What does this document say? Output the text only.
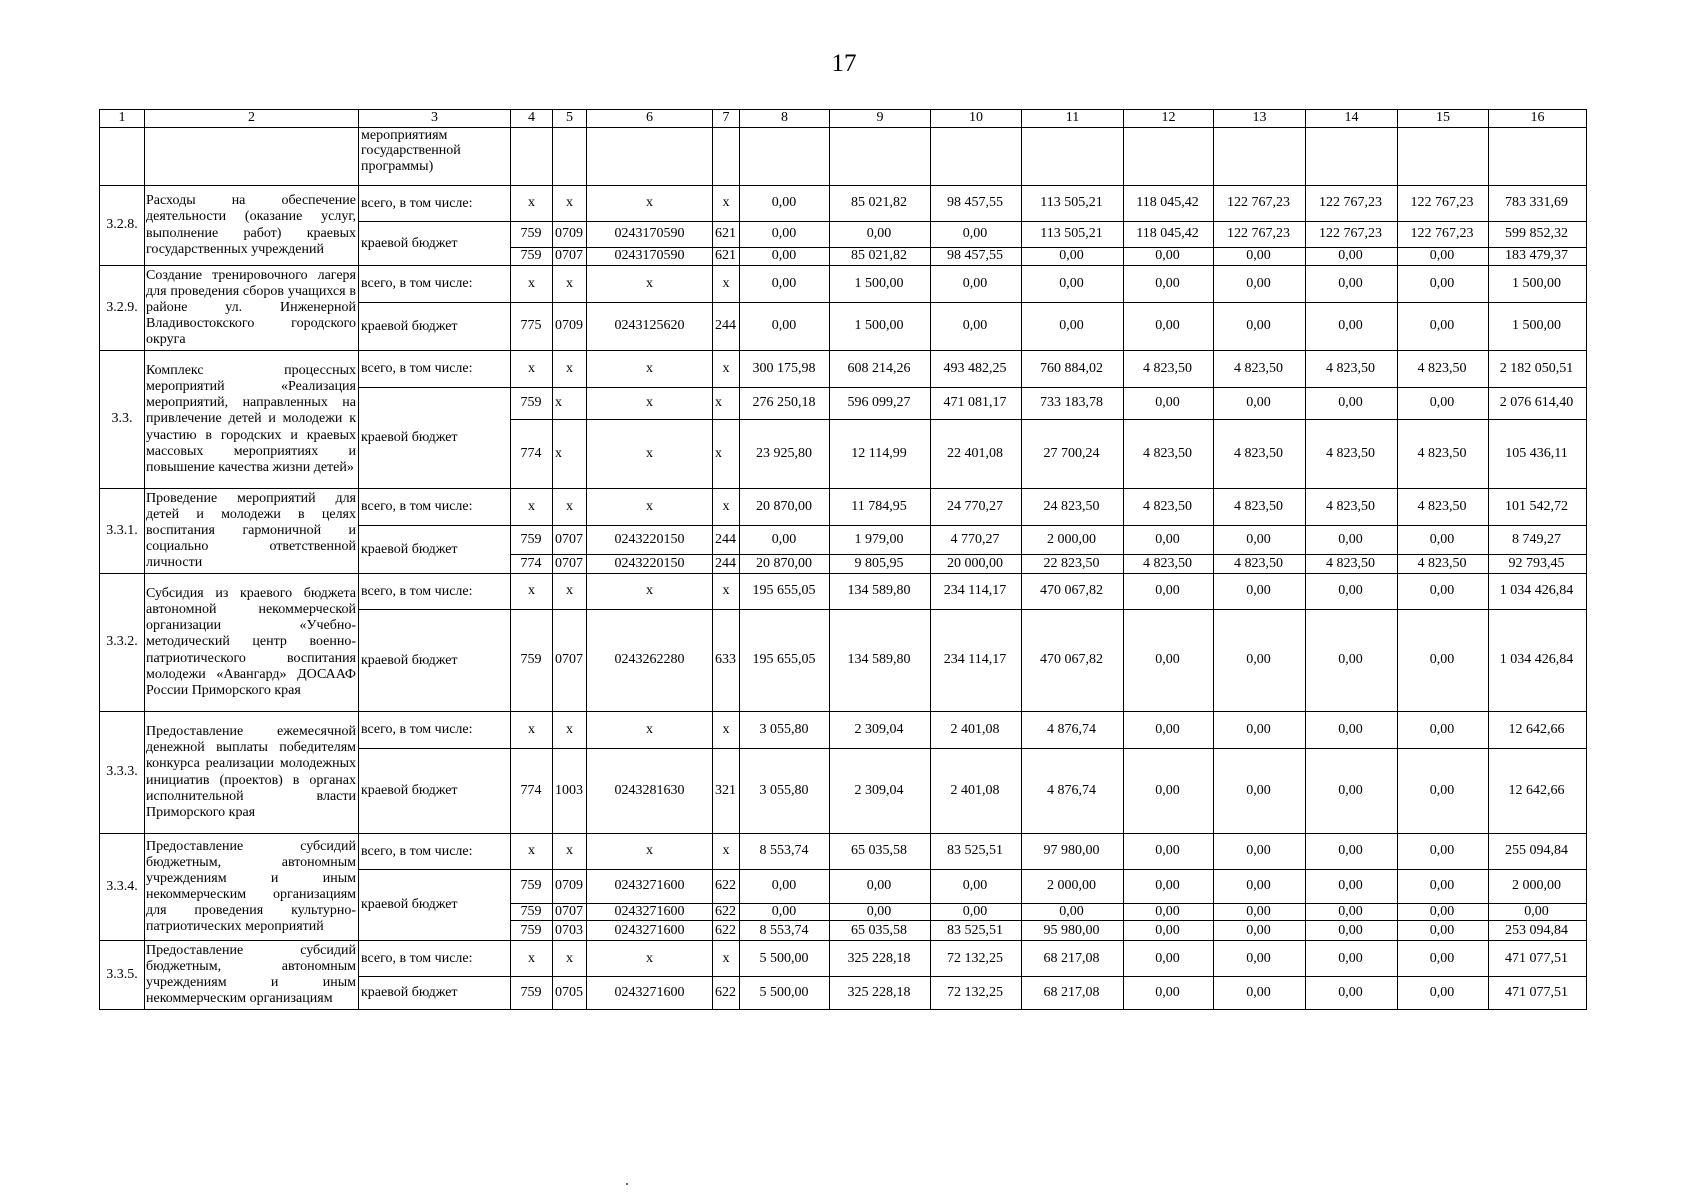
17
1	2	3	4	5	6	7	8	9	10	11	12	13	14	15	16
		мероприятиям государственной программы)													
3.2.8.	Расходы на обеспечение деятельности (оказание услуг, выполнение работ) краевых государственных учреждений	всего, в том числе:	x	x	x	x	0,00	85 021,82	98 457,55	113 505,21	118 045,42	122 767,23	122 767,23	122 767,23	783 331,69
		краевой бюджет	759	0709	0243170590	621	0,00	0,00	0,00	113 505,21	118 045,42	122 767,23	122 767,23	122 767,23	599 852,32
			759	0707	0243170590	621	0,00	85 021,82	98 457,55	0,00	0,00	0,00	0,00	0,00	183 479,37
3.2.9.	Создание тренировочного лагеря для проведения сборов учащихся в районе ул. Инженерной Владивостокского городского округа	всего, в том числе:	x	x	x	x	0,00	1 500,00	0,00	0,00	0,00	0,00	0,00	0,00	1 500,00
		краевой бюджет	775	0709	0243125620	244	0,00	1 500,00	0,00	0,00	0,00	0,00	0,00	0,00	1 500,00
3.3.	Комплекс процессных мероприятий «Реализация мероприятий, направленных на привлечение детей и молодежи к участию в городских и краевых массовых мероприятиях и повышение качества жизни детей»	всего, в том числе:	x	x	x	x	300 175,98	608 214,26	493 482,25	760 884,02	4 823,50	4 823,50	4 823,50	4 823,50	2 182 050,51
		краевой бюджет	759	x	x	x	276 250,18	596 099,27	471 081,17	733 183,78	0,00	0,00	0,00	0,00	2 076 614,40
			774	x	x	x	23 925,80	12 114,99	22 401,08	27 700,24	4 823,50	4 823,50	4 823,50	4 823,50	105 436,11
3.3.1.	Проведение мероприятий для детей и молодежи в целях воспитания гармоничной и социально ответственной личности	всего, в том числе:	x	x	x	x	20 870,00	11 784,95	24 770,27	24 823,50	4 823,50	4 823,50	4 823,50	4 823,50	101 542,72
		краевой бюджет	759	0707	0243220150	244	0,00	1 979,00	4 770,27	2 000,00	0,00	0,00	0,00	0,00	8 749,27
			774	0707	0243220150	244	20 870,00	9 805,95	20 000,00	22 823,50	4 823,50	4 823,50	4 823,50	4 823,50	92 793,45
3.3.2.	Субсидия из краевого бюджета автономной некоммерческой организации «Учебно-методический центр военно-патриотического воспитания молодежи «Авангард» ДОСААФ России Приморского края	всего, в том числе:	x	x	x	x	195 655,05	134 589,80	234 114,17	470 067,82	0,00	0,00	0,00	0,00	1 034 426,84
		краевой бюджет	759	0707	0243262280	633	195 655,05	134 589,80	234 114,17	470 067,82	0,00	0,00	0,00	0,00	1 034 426,84
3.3.3.	Предоставление ежемесячной денежной выплаты победителям конкурса реализации молодежных инициатив (проектов) в органах исполнительной власти Приморского края	всего, в том числе:	x	x	x	x	3 055,80	2 309,04	2 401,08	4 876,74	0,00	0,00	0,00	0,00	12 642,66
		краевой бюджет	774	1003	0243281630	321	3 055,80	2 309,04	2 401,08	4 876,74	0,00	0,00	0,00	0,00	12 642,66
3.3.4.	Предоставление субсидий бюджетным, автономным учреждениям и иным некоммерческим организациям для проведения культурно-патриотических мероприятий	всего, в том числе:	x	x	x	x	8 553,74	65 035,58	83 525,51	97 980,00	0,00	0,00	0,00	0,00	255 094,84
		краевой бюджет	759	0709	0243271600	622	0,00	0,00	0,00	2 000,00	0,00	0,00	0,00	0,00	2 000,00
			759	0707	0243271600	622	0,00	0,00	0,00	0,00	0,00	0,00	0,00	0,00	0,00
			759	0703	0243271600	622	8 553,74	65 035,58	83 525,51	95 980,00	0,00	0,00	0,00	0,00	253 094,84
3.3.5.	Предоставление субсидий бюджетным, автономным учреждениям и иным некоммерческим организациям	всего, в том числе:	x	x	x	x	5 500,00	325 228,18	72 132,25	68 217,08	0,00	0,00	0,00	0,00	471 077,51
		краевой бюджет	759	0705	0243271600	622	5 500,00	325 228,18	72 132,25	68 217,08	0,00	0,00	0,00	0,00	471 077,51
